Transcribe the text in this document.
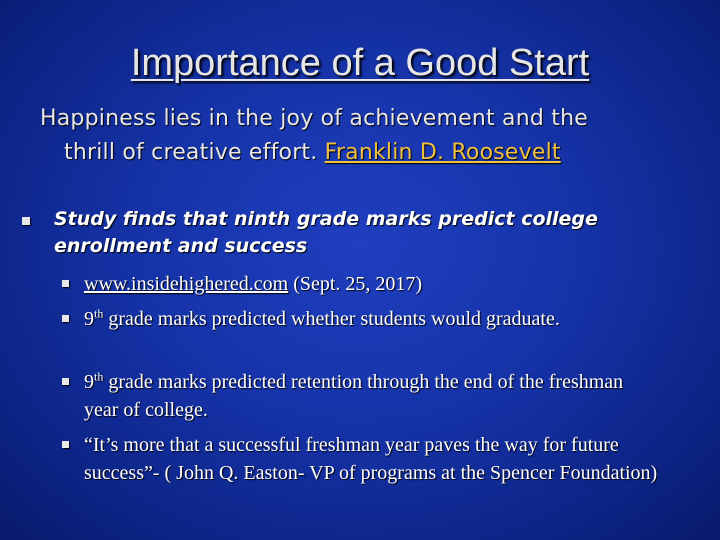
Importance of a Good Start
Happiness lies in the joy of achievement and the
thrill of creative effort. Franklin D. Roosevelt
Study finds that ninth grade marks predict college enrollment and success
www.insidehighered.com (Sept. 25, 2017)
9th grade marks predicted whether students would graduate.
9th grade marks predicted retention through the end of the freshman year of college.
“It’s more that a successful freshman year paves the way for future success”- ( John Q. Easton- VP of programs at the Spencer Foundation)
